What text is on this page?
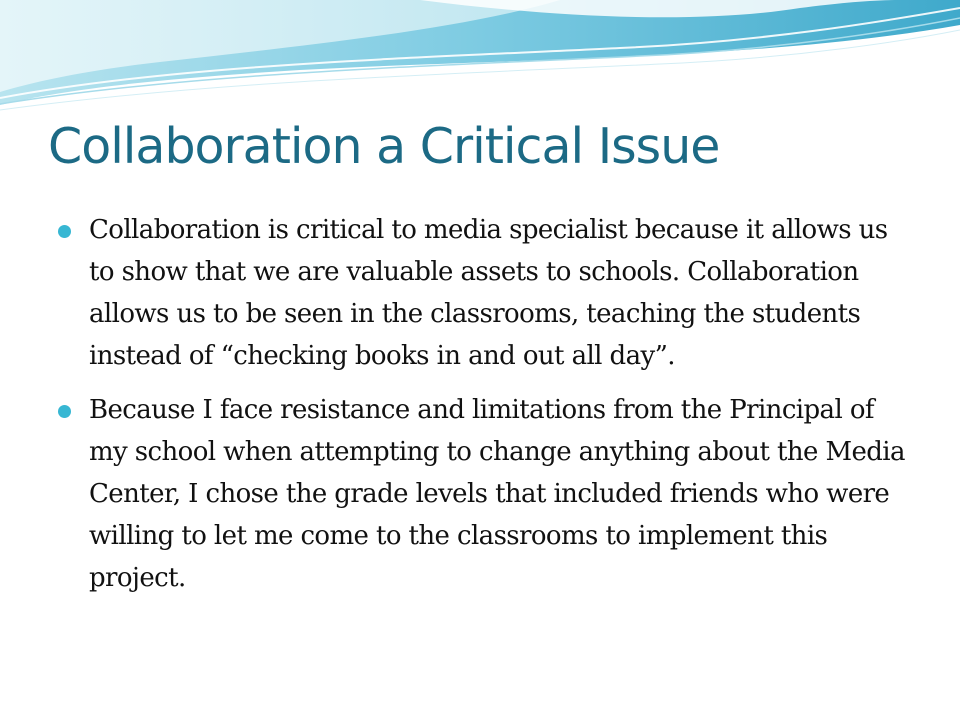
Collaboration a Critical Issue
Collaboration is critical to media specialist because it allows us to show that we are valuable assets to schools. Collaboration allows us to be seen in the classrooms, teaching the students instead of “checking books in and out all day”.
Because I face resistance and limitations from the Principal of my school when attempting to change anything about the Media Center, I chose the grade levels that included friends who were willing to let me come to the classrooms to implement this project.
